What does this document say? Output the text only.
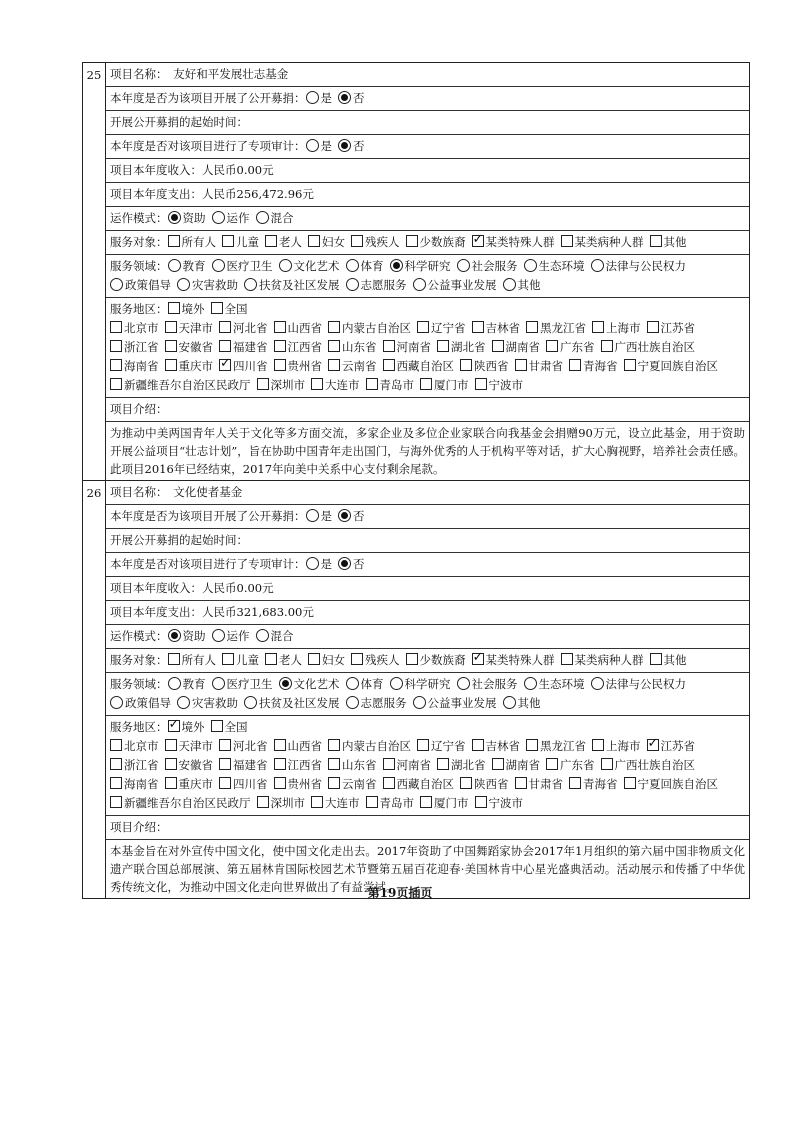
25 项目名称：　 友好和平发展壮志基金
本年度是否为该项目开展了公开募捐： 是 否
开展公开募捐的起始时间：
本年度是否对该项目进行了专项审计： 是 否
项目本年度收入：人民币0.00元
项目本年度支出：人民币256,472.96元
运作模式： 资助 运作 混合
服务对象： 所有人 儿童 老人 妇女 残疾人 少数族裔 ✓ 某类特殊人群 某类病种人群 其他
服务领域： 教育 医疗卫生 文化艺术 体育 科学研究 社会服务 生态环境 法律与公民权力政策倡导 灾害救助 扶贫及社区发展 志愿服务 公益事业发展 其他
服务地区： 境外 全国
北京市 天津市 河北省 山西省 内蒙古自治区 辽宁省 吉林省 黑龙江省 上海市 江苏省浙江省 安徽省 福建省 江西省 山东省 河南省 湖北省 湖南省 广东省 广西壮族自治区海南省 重庆市 ✓ 四川省 贵州省 云南省 西藏自治区 陕西省 甘肃省 青海省 宁夏回族自治区新疆维吾尔自治区民政厅 深圳市 大连市 青岛市 厦门市 宁波市
项目介绍：
为推动中美两国青年人关于文化等多方面交流，多家企业及多位企业家联合向我基金会捐赠90万元，设立此基金，用于资助开展公益项目“壮志计划”，旨在协助中国青年走出国门，与海外优秀的人于机构平等对话，扩大心胸视野，培养社会责任感。此项目2016年已经结束，2017年向美中关系中心支付剩余尾款。
26 项目名称：　 文化使者基金
本年度是否为该项目开展了公开募捐： 是 否
开展公开募捐的起始时间：
本年度是否对该项目进行了专项审计： 是 否
项目本年度收入：人民币0.00元
项目本年度支出：人民币321,683.00元
运作模式： 资助 运作 混合
服务对象： 所有人 儿童 老人 妇女 残疾人 少数族裔 ✓ 某类特殊人群 某类病种人群 其他
服务领域： 教育 医疗卫生 文化艺术 体育 科学研究 社会服务 生态环境 法律与公民权力政策倡导 灾害救助 扶贫及社区发展 志愿服务 公益事业发展 其他
服务地区： ✓ 境外 全国
北京市 天津市 河北省 山西省 内蒙古自治区 辽宁省 吉林省 黑龙江省 上海市 ✓ 江苏省浙江省 安徽省 福建省 江西省 山东省 河南省 湖北省 湖南省 广东省 广西壮族自治区海南省 重庆市 四川省 贵州省 云南省 西藏自治区 陕西省 甘肃省 青海省 宁夏回族自治区新疆维吾尔自治区民政厅 深圳市 大连市 青岛市 厦门市 宁波市
项目介绍：
本基金旨在对外宣传中国文化，使中国文化走出去。2017年资助了中国舞蹈家协会2017年1月组织的第六届中国非物质文化遗产联合国总部展演、第五届林肯国际校园艺术节暨第五届百花迎春·美国林肯中心星光盛典活动。活动展示和传播了中华优秀传统文化，为推动中国文化走向世界做出了有益尝试。
第19页插页
